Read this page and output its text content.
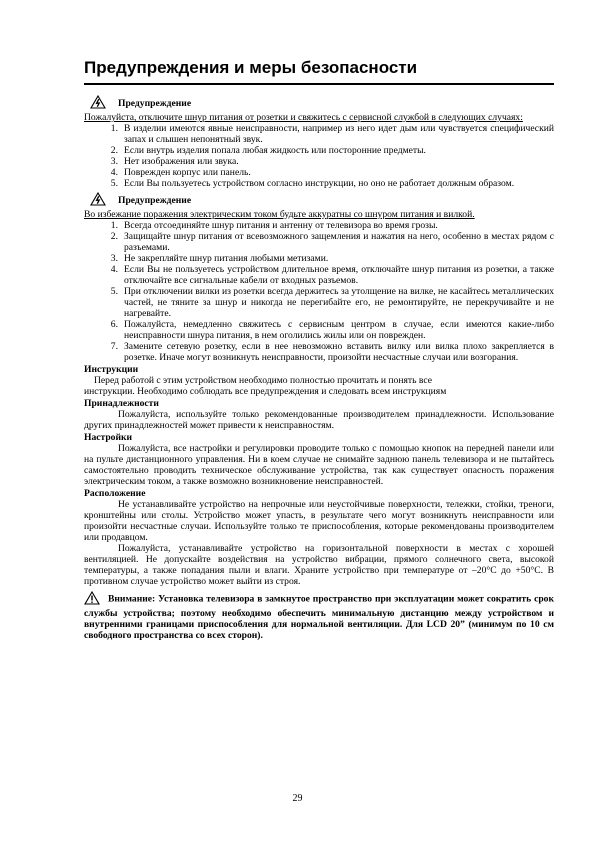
Предупреждения и меры безопасности
Предупреждение
Пожалуйста, отключите шнур питания от розетки и свяжитесь с сервисной службой в следующих случаях:
1. В изделии имеются явные неисправности, например из него идет дым или чувствуется специфический запах и слышен непонятный звук.
2. Если внутрь изделия попала любая жидкость или посторонние предметы.
3. Нет изображения или звука.
4. Поврежден корпус или панель.
5. Если Вы пользуетесь устройством согласно инструкции, но оно не работает должным образом.
Предупреждение
Во избежание поражения электрическим током будьте аккуратны со шнуром питания и вилкой.
1. Всегда отсоединяйте шнур питания и антенну от телевизора во время грозы.
2. Защищайте шнур питания от всевозможного защемления и нажатия на него, особенно в местах рядом с разъемами.
3. Не закрепляйте шнур питания любыми метизами.
4. Если Вы не пользуетесь устройством длительное время, отключайте шнур питания из розетки, а также отключайте все сигнальные кабели от входных разъемов.
5. При отключении вилки из розетки всегда держитесь за утолщение на вилке, не касайтесь металлических частей, не тяните за шнур и никогда не перегибайте его, не ремонтируйте, не перекручивайте и не нагревайте.
6. Пожалуйста, немедленно свяжитесь с сервисным центром в случае, если имеются какие-либо неисправности шнура питания, в нем оголились жилы или он поврежден.
7. Замените сетевую розетку, если в нее невозможно вставить вилку или вилка плохо закрепляется в розетке. Иначе могут возникнуть неисправности, произойти несчастные случаи или возгорания.
Инструкции
Перед работой с этим устройством необходимо полностью прочитать и понять все
инструкции. Необходимо соблюдать все предупреждения и следовать всем инструкциям
Принадлежности
Пожалуйста, используйте только рекомендованные производителем принадлежности. Использование других принадлежностей может привести к неисправностям.
Настройки
Пожалуйста, все настройки и регулировки проводите только с помощью кнопок на передней панели или на пульте дистанционного управления. Ни в коем случае не снимайте заднюю панель телевизора и не пытайтесь самостоятельно проводить техническое обслуживание устройства, так как существует опасность поражения электрическим током, а также возможно возникновение неисправностей.
Расположение
Не устанавливайте устройство на непрочные или неустойчивые поверхности, тележки, стойки, треноги, кронштейны или столы. Устройство может упасть, в результате чего могут возникнуть неисправности или произойти несчастные случаи. Используйте только те приспособления, которые рекомендованы производителем или продавцом.
Пожалуйста, устанавливайте устройство на горизонтальной поверхности в местах с хорошей вентиляцией. Не допускайте воздействия на устройство вибрации, прямого солнечного света, высокой температуры, а также попадания пыли и влаги. Храните устройство при температуре от –20°C до +50°C. В противном случае устройство может выйти из строя.
Внимание: Установка телевизора в замкнутое пространство при эксплуатации может сократить срок службы устройства; поэтому необходимо обеспечить минимальную дистанцию между устройством и внутренними границами приспособления для нормальной вентиляции. Для LCD 20” (минимум по 10 см свободного пространства со всех сторон).
29
